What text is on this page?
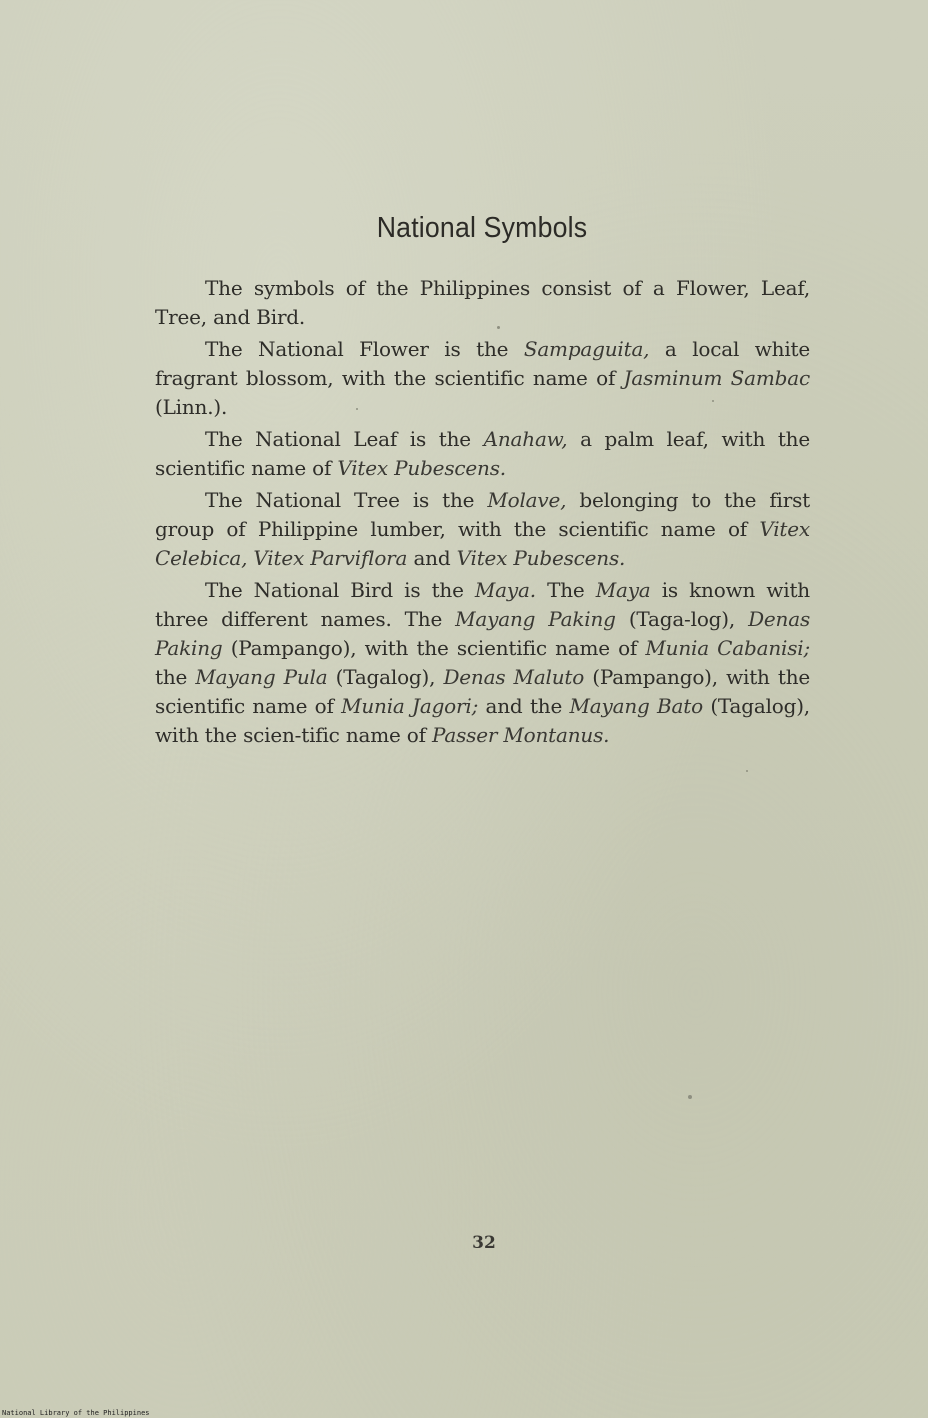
National Symbols

The symbols of the Philippines consist of a Flower, Leaf, Tree, and Bird.

The National Flower is the Sampaguita, a local white fragrant blossom, with the scientific name of Jasminum Sambac (Linn.).

The National Leaf is the Anahaw, a palm leaf, with the scientific name of Vitex Pubescens.

The National Tree is the Molave, belonging to the first group of Philippine lumber, with the scientific name of Vitex Celebica, Vitex Parviflora and Vitex Pubescens.

The National Bird is the Maya. The Maya is known with three different names. The Mayang Paking (Taga-log), Denas Paking (Pampango), with the scientific name of Munia Cabanisi; the Mayang Pula (Tagalog), Denas Maluto (Pampango), with the scientific name of Munia Jagori; and the Mayang Bato (Tagalog), with the scien-tific name of Passer Montanus.

32
National Library of the Philippines
